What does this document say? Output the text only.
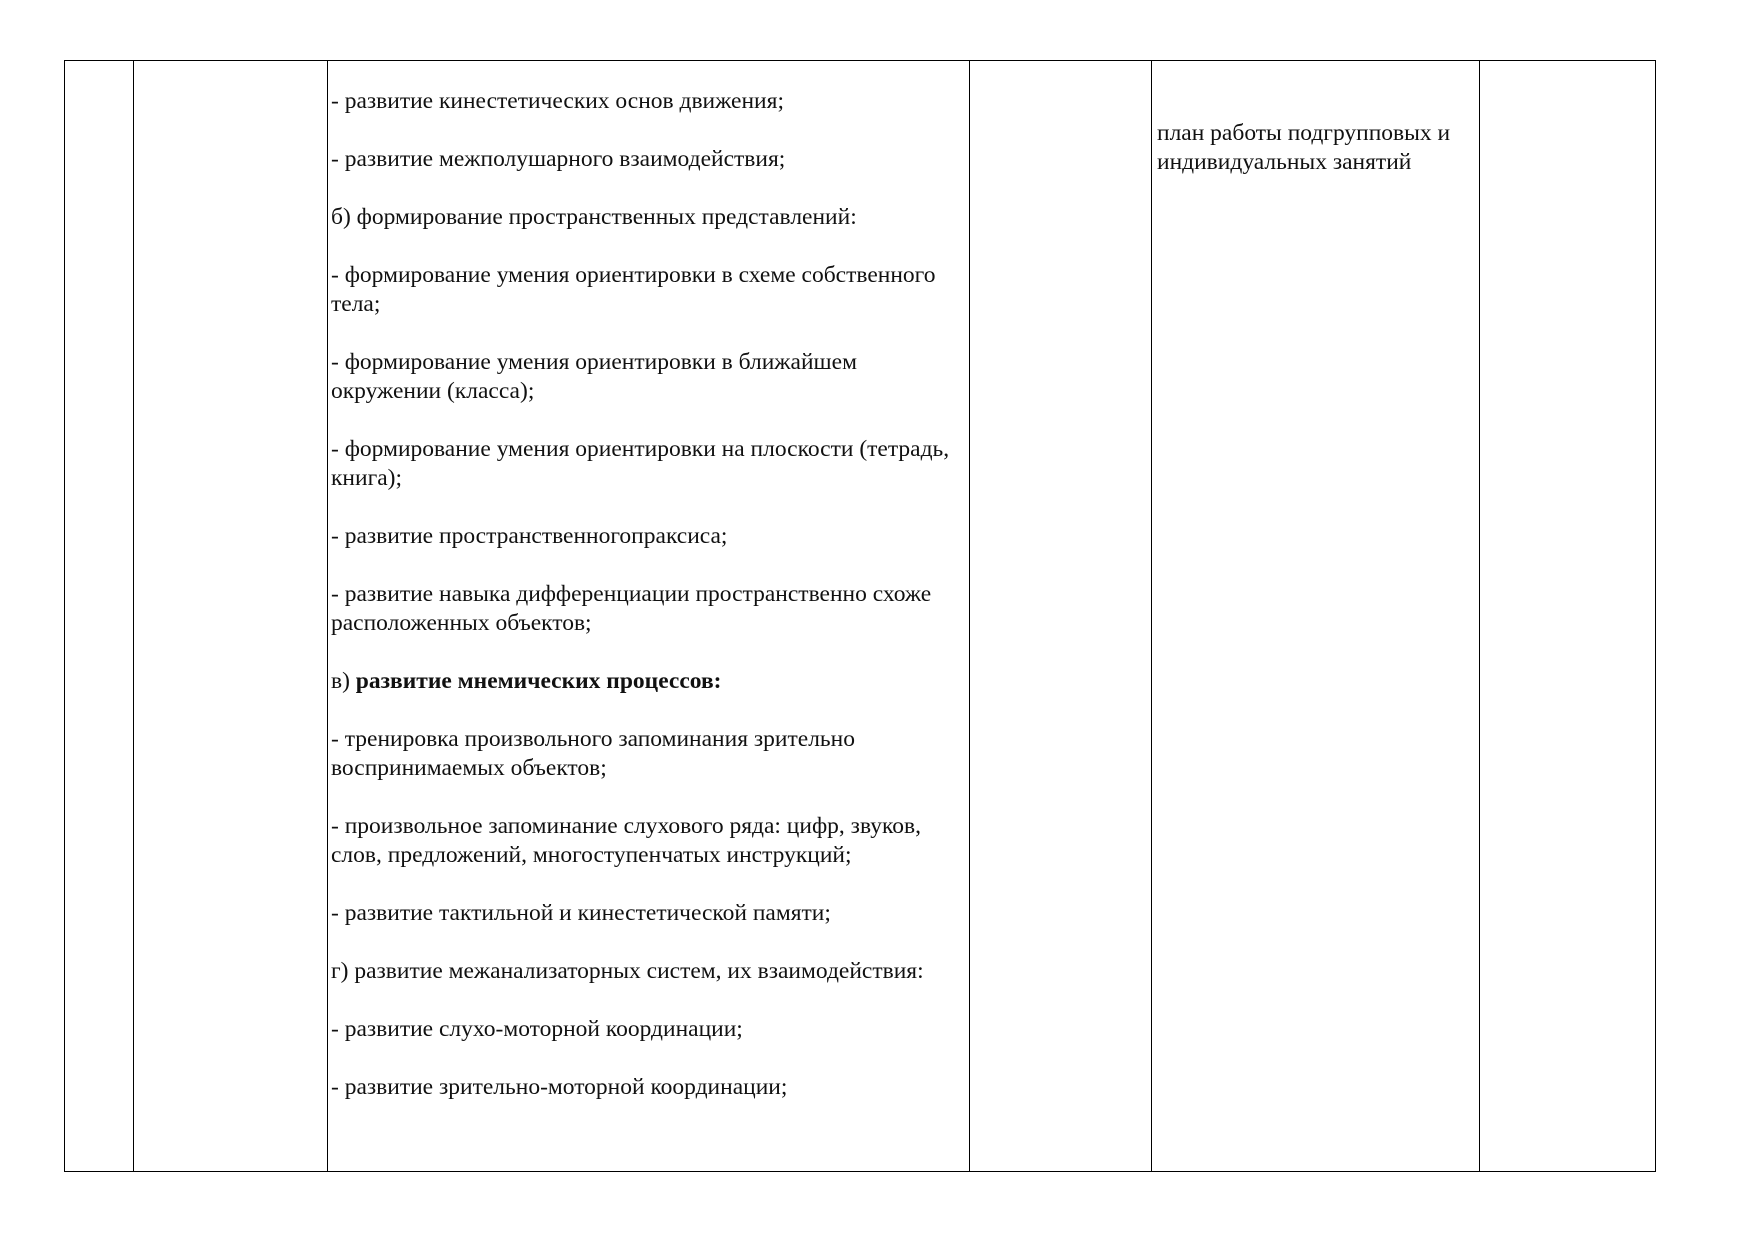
- развитие кинестетических основ движения;

- развитие межполушарного взаимодействия;

б) формирование пространственных представлений:

- формирование умения ориентировки в схеме собственного тела;

- формирование умения ориентировки в ближайшем окружении (класса);

- формирование умения ориентировки на плоскости (тетрадь, книга);

- развитие пространственногопраксиса;

- развитие навыка дифференциации пространственно схоже расположенных объектов;

в) развитие мнемических процессов:

- тренировка произвольного запоминания зрительно воспринимаемых объектов;

- произвольное запоминание слухового ряда: цифр, звуков, слов, предложений, многоступенчатых инструкций;

- развитие тактильной и кинестетической памяти;

г) развитие межанализаторных систем, их взаимодействия:

- развитие слухо-моторной координации;

- развитие зрительно-моторной координации;

план работы подгрупповых и индивидуальных занятий
